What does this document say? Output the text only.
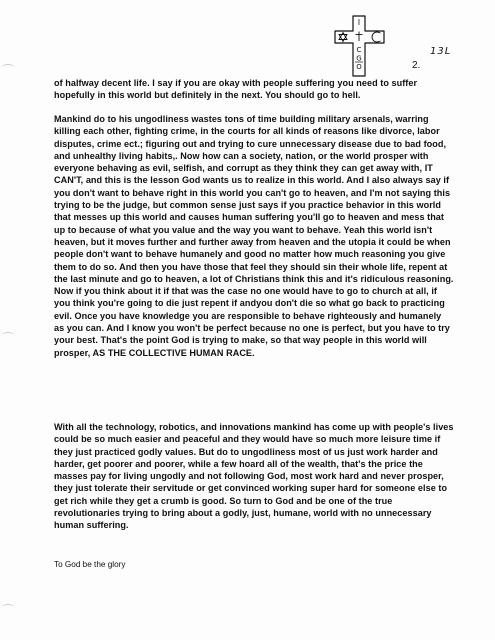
I
C
G
O	2.
13L

of halfway decent life. I say if you are okay with people suffering you need to suffer hopefully in this world but definitely in the next. You should go to hell.

Mankind do to his ungodliness wastes tons of time building military arsenals, warring killing each other, fighting crime, in the courts for all kinds of reasons like divorce, labor disputes, crime ect.; figuring out and trying to cure unnecessary disease due to bad food, and unhealthy living habits,. Now how can a society, nation, or the world prosper with everyone behaving as evil, selfish, and corrupt as they think they can get away with, IT CAN'T, and this is the lesson God wants us to realize in this world. And I also always say if you don't want to behave right in this world you can't go to heaven, and I'm not saying this trying to be the judge, but common sense just says if you practice behavior in this world that messes up this world and causes human suffering you'll go to heaven and mess that up to because of what you value and the way you want to behave. Yeah this world isn't heaven, but it moves further and further away from heaven and the utopia it could be when people don't want to behave humanely and good no matter how much reasoning you give them to do so. And then you have those that feel they should sin their whole life, repent at the last minute and go to heaven, a lot of Christians think this and it's ridiculous reasoning. Now if you think about it if that was the case no one would have to go to church at all, if you think you're going to die just repent if andyou don't die so what go back to practicing evil. Once you have knowledge you are responsible to behave righteously and humanely as you can. And I know you won't be perfect because no one is perfect, but you have to try your best. That's the point God is trying to make, so that way people in this world will prosper, AS THE COLLECTIVE HUMAN RACE.

With all the technology, robotics, and innovations mankind has come up with people's lives could be so much easier and peaceful and they would have so much more leisure time if they just practiced godly values. But do to ungodliness most of us just work harder and harder, get poorer and poorer, while a few hoard all of the wealth, that's the price the masses pay for living ungodly and not following God, most work hard and never prosper, they just tolerate their servitude or get convinced working super hard for someone else to get rich while they get a crumb is good. So turn to God and be one of the true revolutionaries trying to bring about a godly, just, humane, world with no unnecessary human suffering.

To God be the glory
